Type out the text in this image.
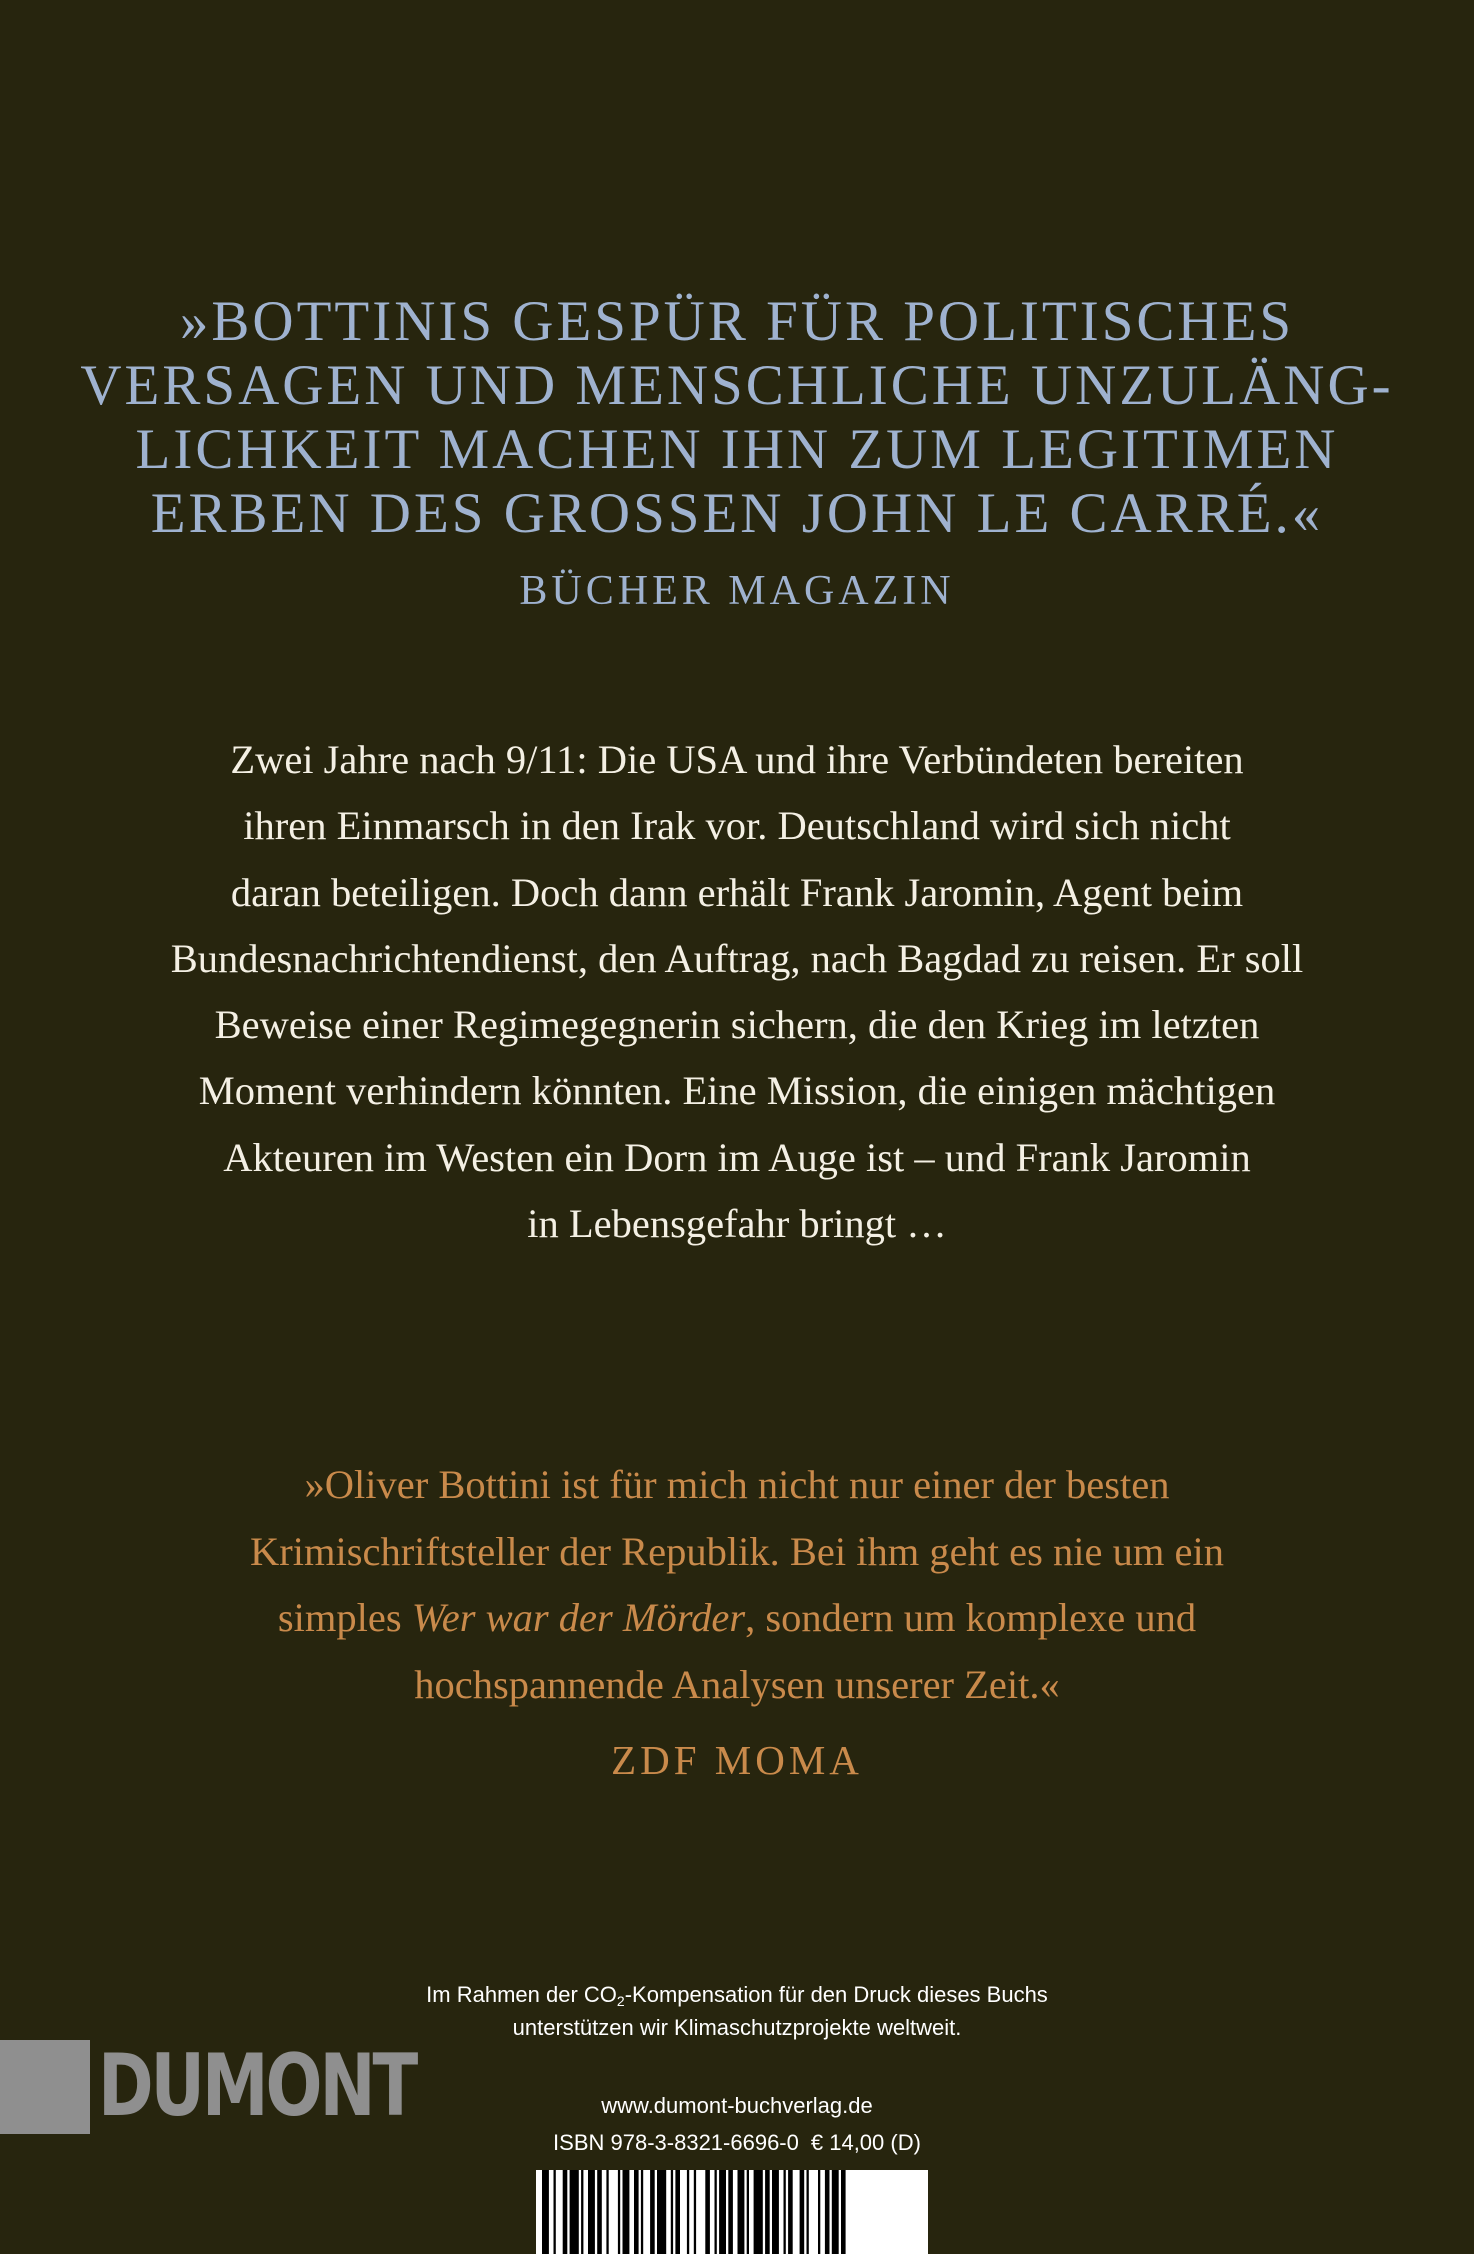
»BOTTINIS GESPÜR FÜR POLITISCHES
VERSAGEN UND MENSCHLICHE UNZULÄNG-
LICHKEIT MACHEN IHN ZUM LEGITIMEN
ERBEN DES GROSSEN JOHN LE CARRÉ.«
BÜCHER MAGAZIN
Zwei Jahre nach 9/11: Die USA und ihre Verbündeten bereiten
ihren Einmarsch in den Irak vor. Deutschland wird sich nicht
daran beteiligen. Doch dann erhält Frank Jaromin, Agent beim
Bundesnachrichtendienst, den Auftrag, nach Bagdad zu reisen. Er soll
Beweise einer Regimegegnerin sichern, die den Krieg im letzten
Moment verhindern könnten. Eine Mission, die einigen mächtigen
Akteuren im Westen ein Dorn im Auge ist – und Frank Jaromin
in Lebensgefahr bringt …
»Oliver Bottini ist für mich nicht nur einer der besten
Krimischriftsteller der Republik. Bei ihm geht es nie um ein
simples Wer war der Mörder, sondern um komplexe und
hochspannende Analysen unserer Zeit.«
ZDF MOMA
Im Rahmen der $CO_2$-Kompensation für den Druck dieses Buchs
unterstützen wir Klimaschutzprojekte weltweit.
DUMONT	www.dumont-buchverlag.de
ISBN 978-3-8321-6696-0 € 14,00 (D)
